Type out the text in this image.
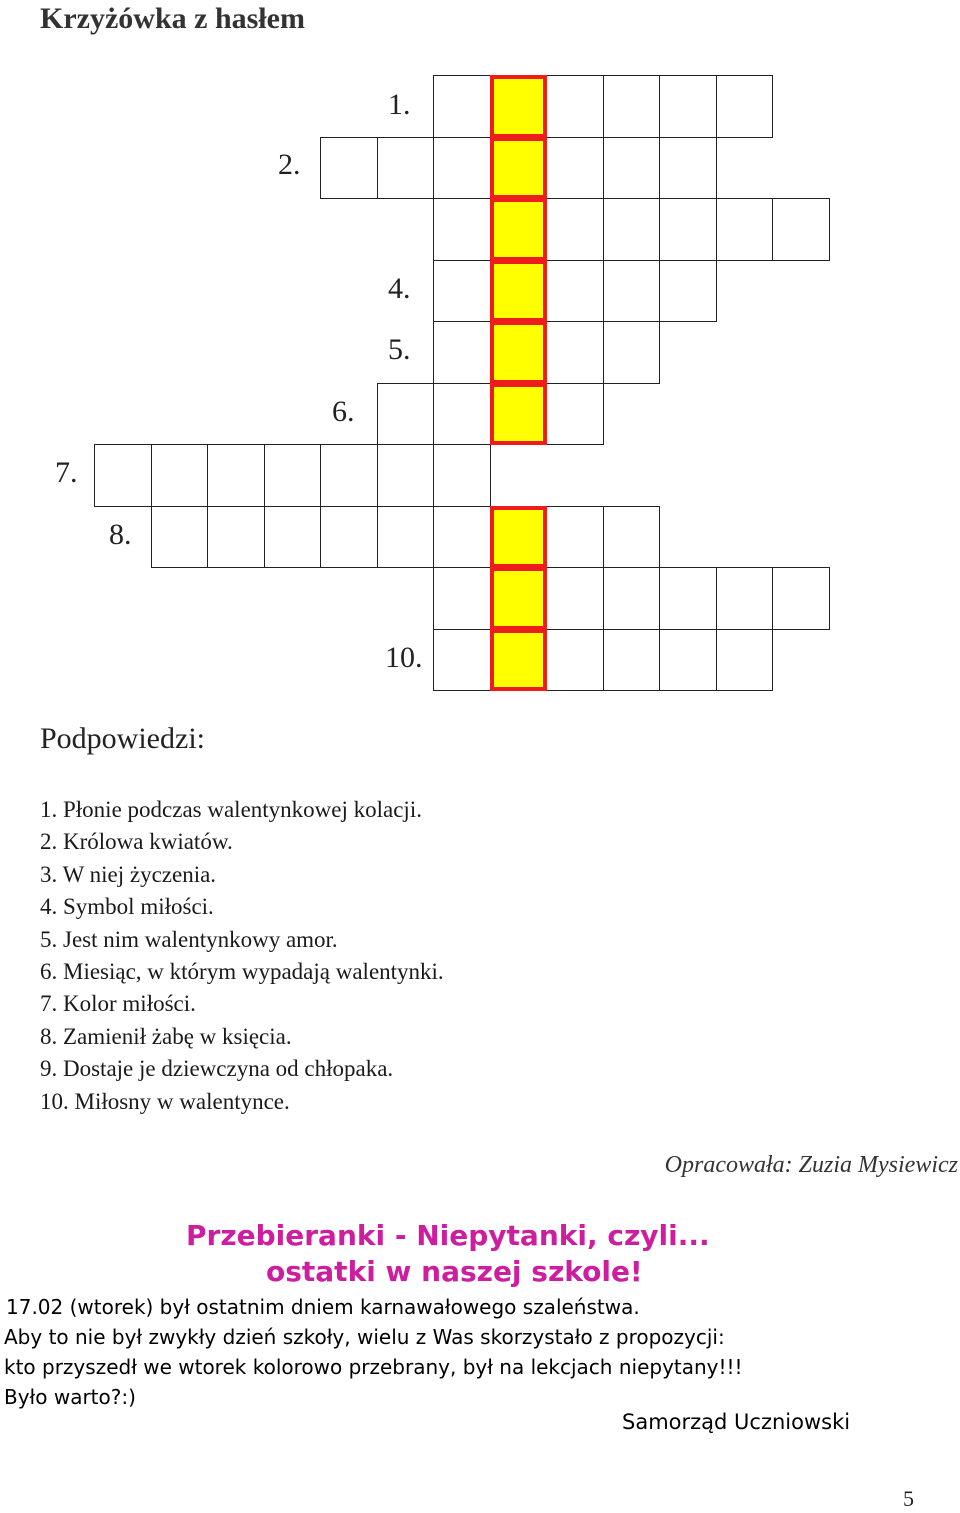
Krzyżówka z hasłem
1.
2.
4.
5.
6.
7.
8.
10.
Podpowiedzi:
1. Płonie podczas walentynkowej kolacji.
2. Królowa kwiatów.
3. W niej życzenia.
4. Symbol miłości.
5. Jest nim walentynkowy amor.
6. Miesiąc, w którym wypadają walentynki.
7. Kolor miłości.
8. Zamienił żabę w księcia.
9. Dostaje je dziewczyna od chłopaka.
10. Miłosny w walentynce.
Opracowała: Zuzia Mysiewicz
Przebieranki - Niepytanki, czyli...
ostatki w naszej szkole!
17.02 (wtorek) był ostatnim dniem karnawałowego szaleństwa.
Aby to nie był zwykły dzień szkoły, wielu z Was skorzystało z propozycji:
kto przyszedł we wtorek kolorowo przebrany, był na lekcjach niepytany!!!
Było warto?:)
Samorząd Uczniowski
5
